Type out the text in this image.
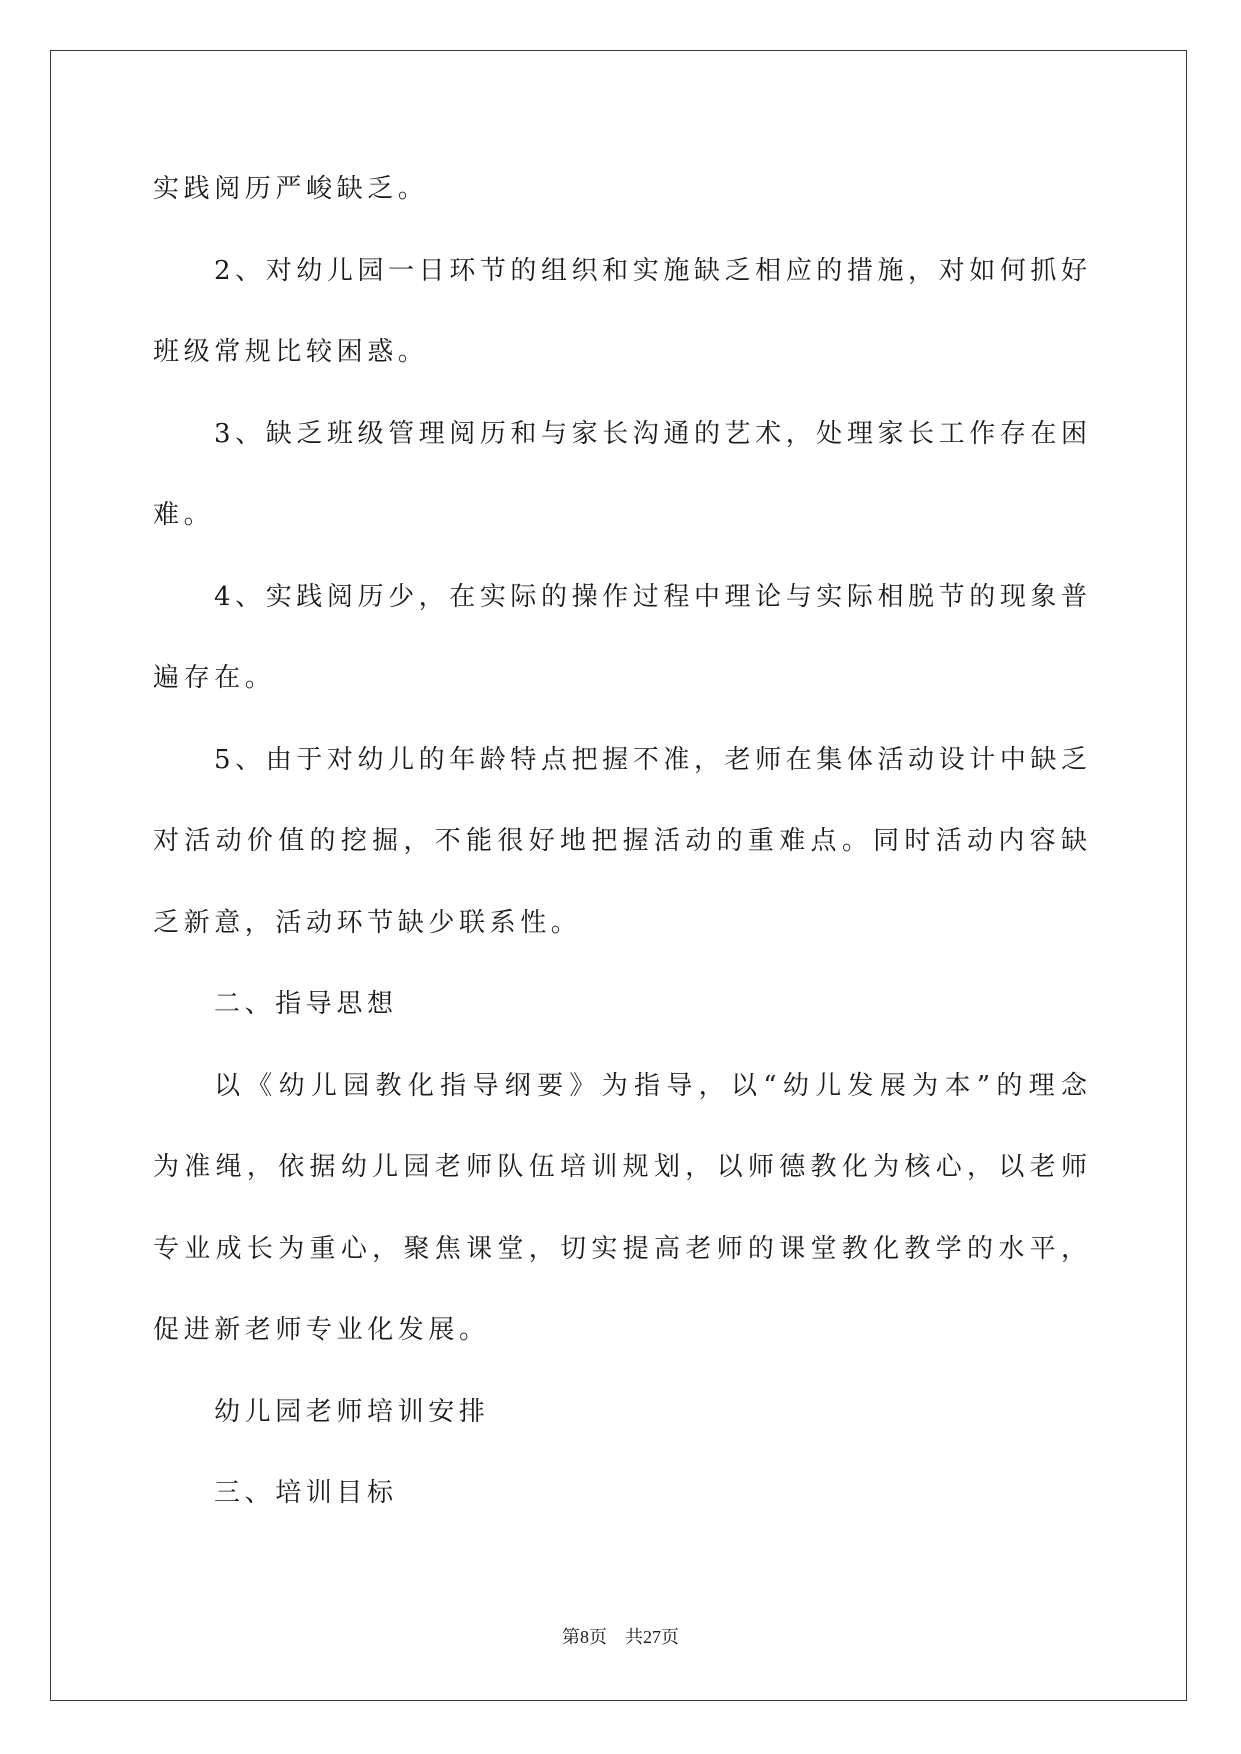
实践阅历严峻缺乏。
2、对幼儿园一日环节的组织和实施缺乏相应的措施，对如何抓好
班级常规比较困惑。
3、缺乏班级管理阅历和与家长沟通的艺术，处理家长工作存在困
难。
4、实践阅历少，在实际的操作过程中理论与实际相脱节的现象普
遍存在。
5、由于对幼儿的年龄特点把握不准，老师在集体活动设计中缺乏
对活动价值的挖掘，不能很好地把握活动的重难点。同时活动内容缺
乏新意，活动环节缺少联系性。
二、指导思想
以《幼儿园教化指导纲要》为指导，以“幼儿发展为本”的理念
为准绳，依据幼儿园老师队伍培训规划，以师德教化为核心，以老师
专业成长为重心，聚焦课堂，切实提高老师的课堂教化教学的水平，
促进新老师专业化发展。
幼儿园老师培训安排
三、培训目标
第8页　共27页
